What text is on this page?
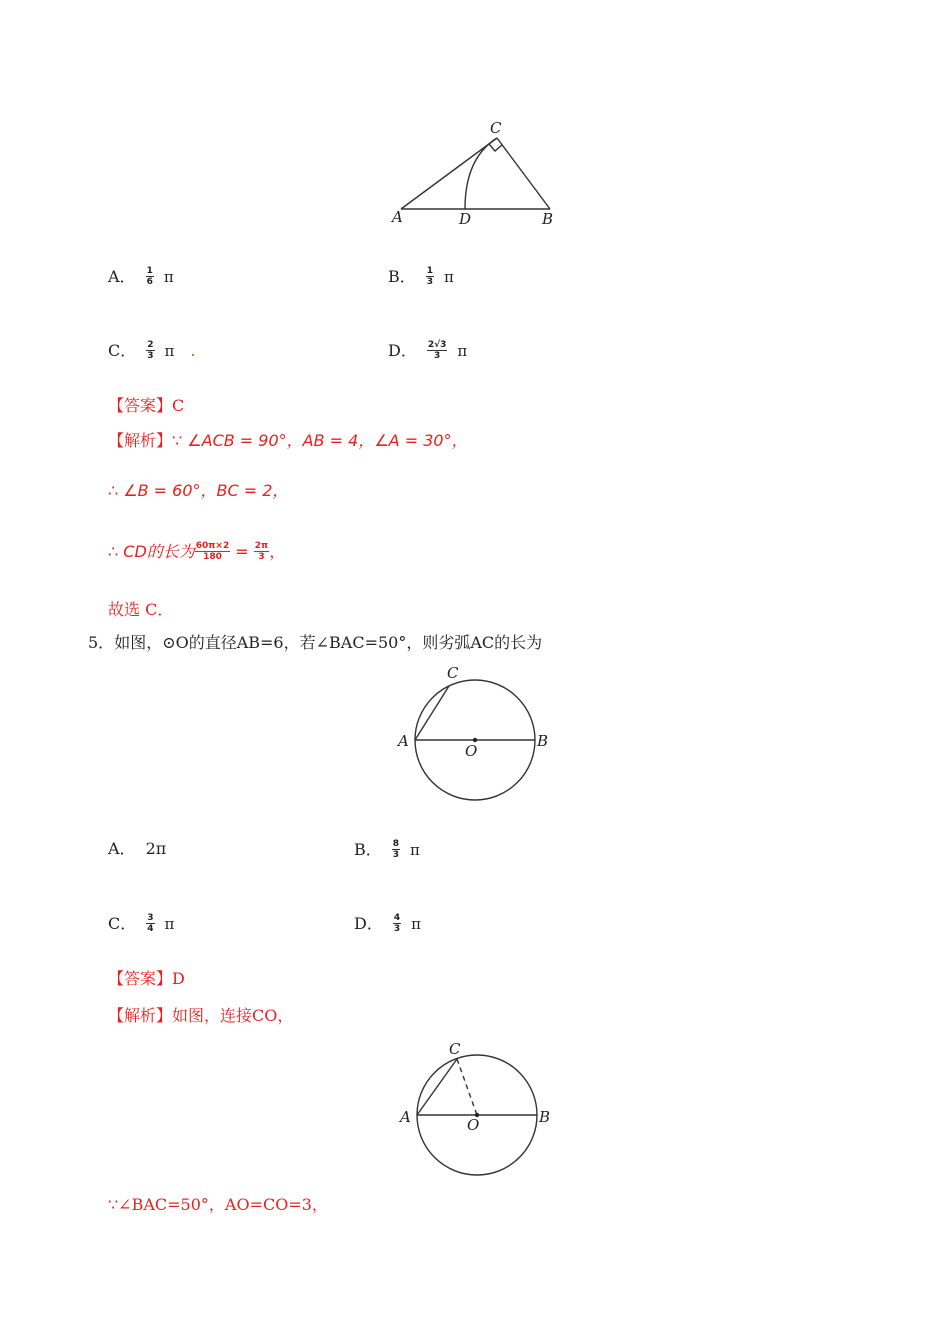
C
A	D	B
A． $\frac{1}{6}$ π	B． $\frac{1}{3}$ π
C． $\frac{2}{3}$ π .	D． $\frac{2√3}{3}$ π
【答案】C
【解析】∵ ∠ACB = 90°，AB = 4，∠A = 30°，
∴ ∠B = 60°，BC = 2，
∴ CD的长为 $\frac{60\pi\times 2}{180} = \frac{2\pi}{3}$ ，
故选 C．
5．如图，⊙O的直径AB=6，若∠BAC=50°，则劣弧AC的长为
C
A
O
B
A． 2π	B． $\frac{8}{3}$ π
C． $\frac{3}{4}$ π	D． $\frac{4}{3}$ π
【答案】D
【解析】如图，连接CO，
C
A	O	B
∵∠BAC=50°，AO=CO=3，
